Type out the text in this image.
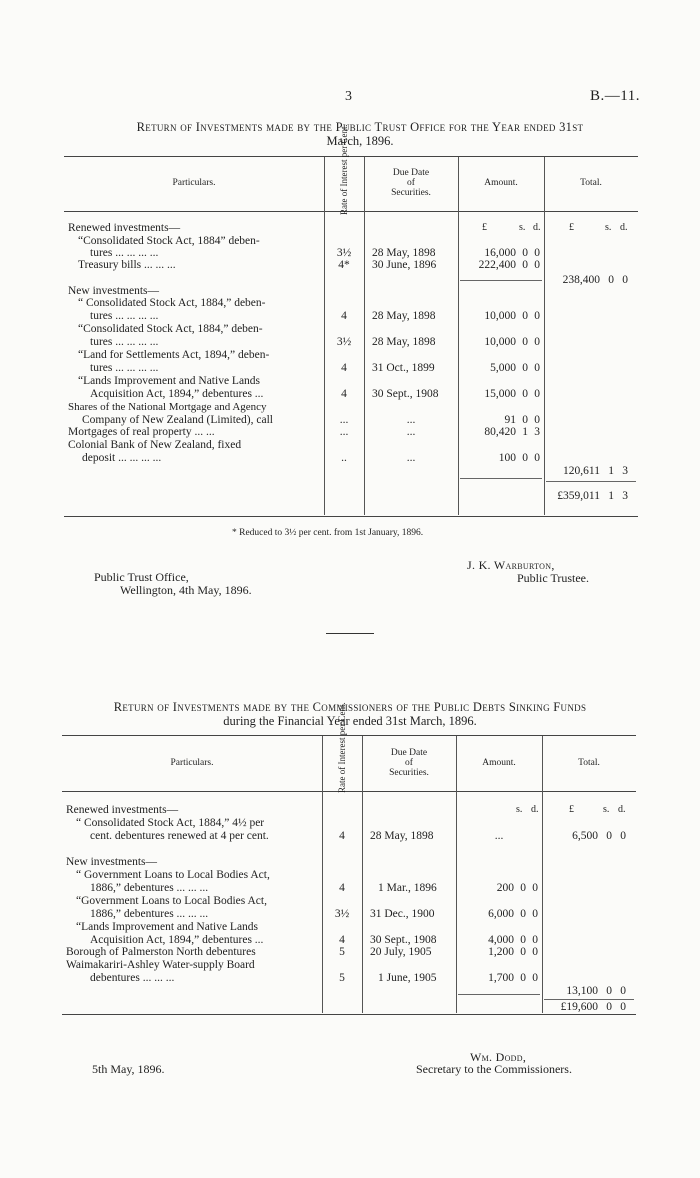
3	B.—11.
Return of Investments made by the Public Trust Office for the Year ended 31st
March, 1896.
Particulars.	Rate of Interest per Cent.	Due Date
of
Securities.
Amount.	Total.
£	s. d.	£	s. d.
Renewed investments—
“Consolidated Stock Act, 1884” deben-
tures ... ... ... ...	3½	28 May, 1898	16,000 0 0
Treasury bills ... ... ...	4*	30 June, 1896	222,400 0 0
238,400 0 0
New investments—
“ Consolidated Stock Act, 1884,” deben-
tures ... ... ... ...	4	28 May, 1898	10,000 0 0
“Consolidated Stock Act, 1884,” deben-
tures ... ... ... ...	3½	28 May, 1898	10,000 0 0
“Land for Settlements Act, 1894,” deben-
tures ... ... ... ...	4	31 Oct., 1899	5,000 0 0
“Lands Improvement and Native Lands
Acquisition Act, 1894,” debentures ...	4	30 Sept., 1908	15,000 0 0
Shares of the National Mortgage and Agency
Company of New Zealand (Limited), call	...	...	91 0 0
Mortgages of real property ... ...	...	...	80,420 1 3
Colonial Bank of New Zealand, fixed
deposit ... ... ... ...	..	...	100 0 0
120,611 1 3
£359,011 1 3
* Reduced to 3½ per cent. from 1st January, 1896.
J. K. Warburton,
Public Trustee.
Public Trust Office,
Wellington, 4th May, 1896.
Return of Investments made by the Commissioners of the Public Debts Sinking Funds
during the Financial Year ended 31st March, 1896.
Particulars.	Rate of Interest per Cent.	Due Date
of
Securities.
Amount.	Total.
s. d.	£	s. d.
Renewed investments—
“ Consolidated Stock Act, 1884,” 4½ per
cent. debentures renewed at 4 per cent.	4	28 May, 1898	...	6,500 0 0
New investments—
“ Government Loans to Local Bodies Act,
1886,” debentures ... ... ...	4	1 Mar., 1896	200 0 0
“Government Loans to Local Bodies Act,
1886,” debentures ... ... ...	3½	31 Dec., 1900	6,000 0 0
“Lands Improvement and Native Lands
Acquisition Act, 1894,” debentures ...	4	30 Sept., 1908	4,000 0 0
Borough of Palmerston North debentures	5	20 July, 1905	1,200 0 0
Waimakariri-Ashley Water-supply Board
debentures ... ... ...	5	1 June, 1905	1,700 0 0
13,100 0 0
£19,600 0 0
Wm. Dodd,
Secretary to the Commissioners.
5th May, 1896.
